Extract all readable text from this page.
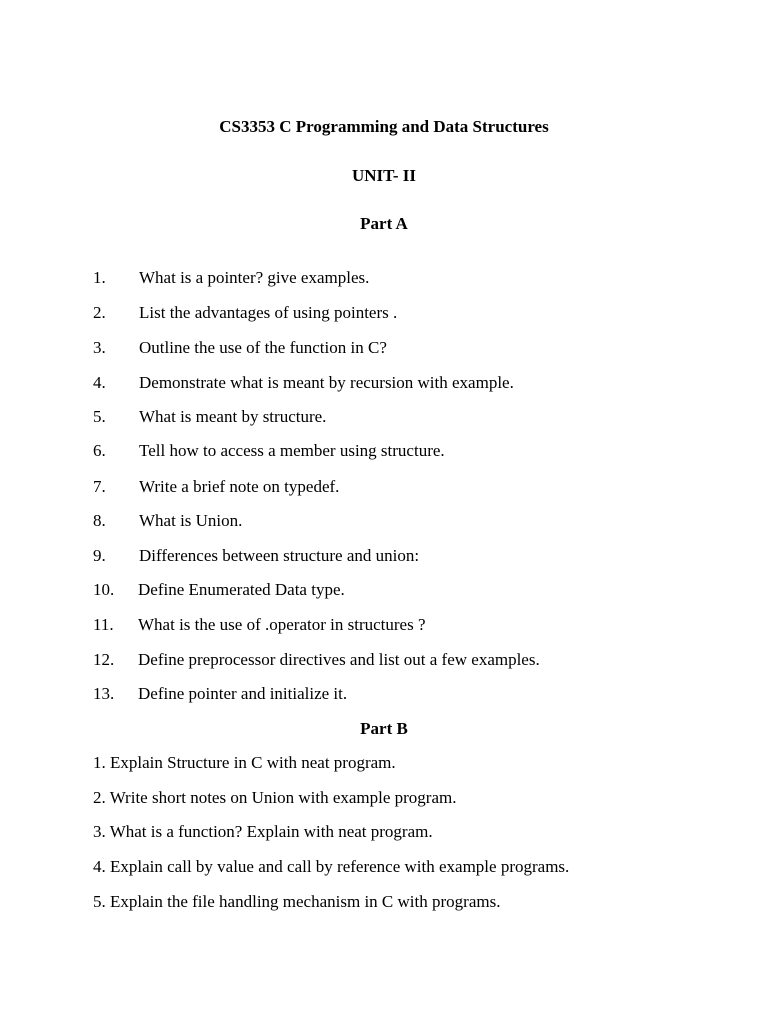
CS3353 C Programming and Data Structures
UNIT- II
Part A
1. What is a pointer? give examples.
2. List the advantages of using pointers .
3. Outline the use of the function in C?
4. Demonstrate what is meant by recursion with example.
5. What is meant by structure.
6. Tell how to access a member using structure.
7. Write a brief note on typedef.
8. What is Union.
9. Differences between structure and union:
10. Define Enumerated Data type.
11. What is the use of .operator in structures ?
12. Define preprocessor directives and list out a few examples.
13. Define pointer and initialize it.
Part B
1. Explain Structure in C with neat program.
2. Write short notes on Union with example program.
3. What is a function? Explain with neat program.
4. Explain call by value and call by reference with example programs.
5. Explain the file handling mechanism in C with programs.
